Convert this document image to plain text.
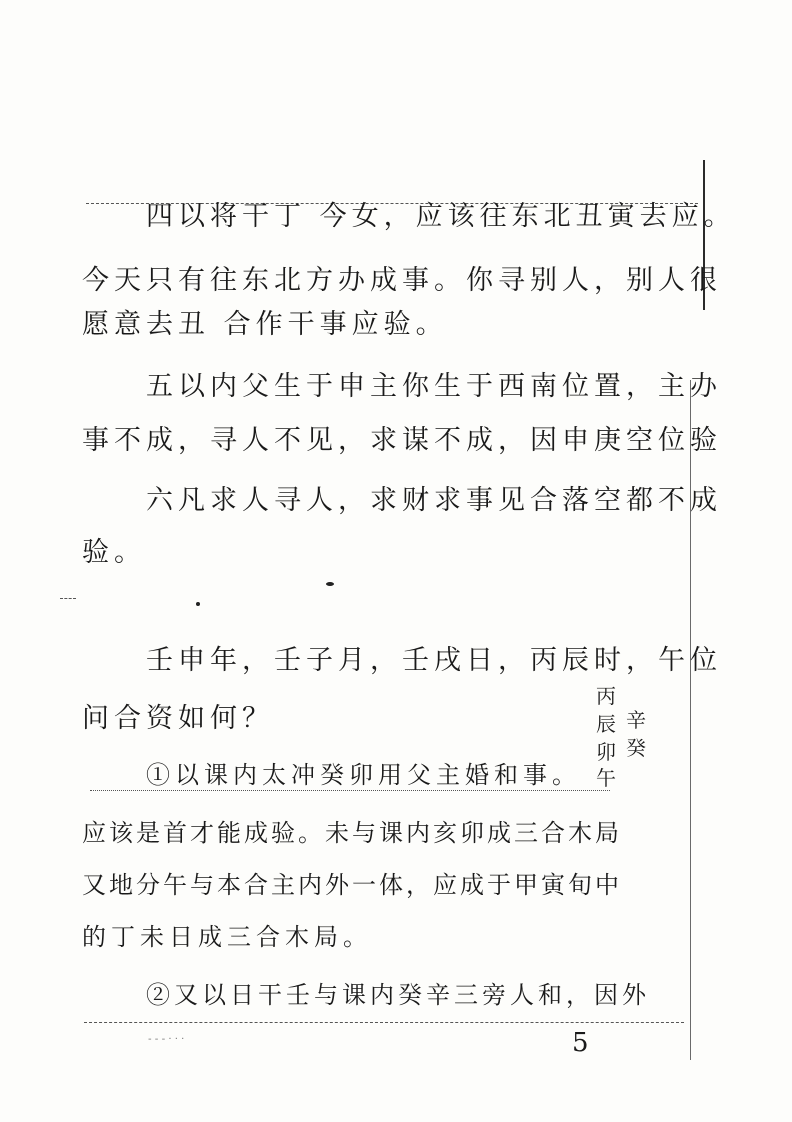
四以将干丁 今女，应该往东北丑寅去应。
今天只有往东北方办成事。你寻别人，别人很
愿意去丑 合作干事应验。
五以内父生于申主你生于西南位置，主办
事不成，寻人不见，求谋不成，因申庚空位验
六凡求人寻人，求财求事见合落空都不成
验。
壬申年，壬子月，壬戌日，丙辰时，午位
问合资如何？
丙
辰
卯
午
辛
癸
①以课内太冲癸卯用父主婚和事。
应该是首才能成验。未与课内亥卯成三合木局
又地分午与本合主内外一体，应成于甲寅旬中
的丁未日成三合木局。
②又以日干壬与课内癸辛三旁人和，因外
- - - · · ·	5
